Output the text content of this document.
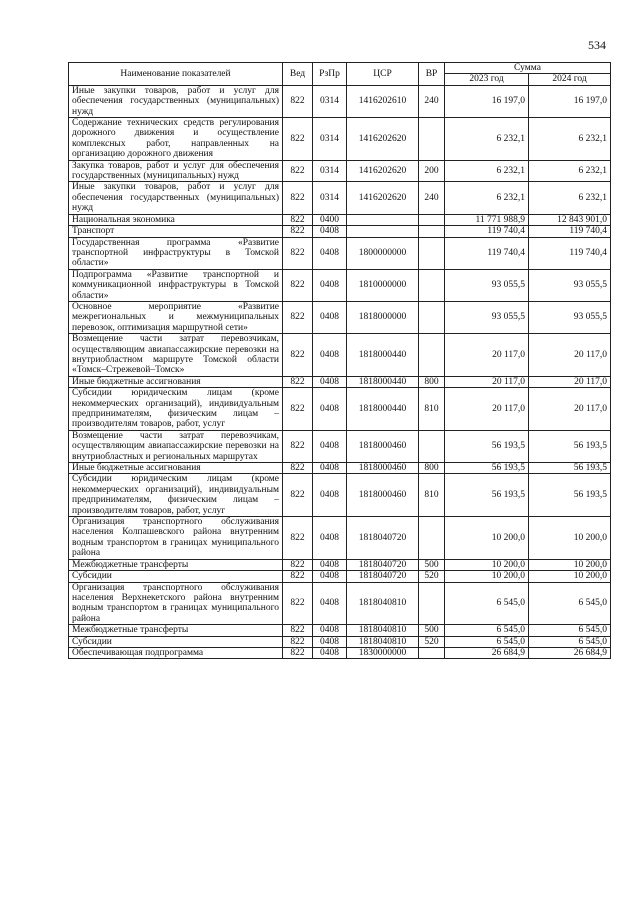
534
Наименование показателей	Вед	РзПр	ЦСР	ВР	Сумма	
					2023 год	2024 год
Иные закупки товаров, работ и услуг для обеспечения государственных (муниципальных) нужд	822	0314	1416202610	240	16 197,0	16 197,0
Содержание технических средств регулирования дорожного движения и осуществление комплексных работ, направленных на организацию дорожного движения	822	0314	1416202620		6 232,1	6 232,1
Закупка товаров, работ и услуг для обеспечения государственных (муниципальных) нужд	822	0314	1416202620	200	6 232,1	6 232,1
Иные закупки товаров, работ и услуг для обеспечения государственных (муниципальных) нужд	822	0314	1416202620	240	6 232,1	6 232,1
Национальная экономика	822	0400			11 771 988,9	12 843 901,0
Транспорт	822	0408			119 740,4	119 740,4
Государственная программа «Развитие транспортной инфраструктуры в Томской области»	822	0408	1800000000		119 740,4	119 740,4
Подпрограмма «Развитие транспортной и коммуникационной инфраструктуры в Томской области»	822	0408	1810000000		93 055,5	93 055,5
Основное мероприятие «Развитие межрегиональных и межмуниципальных перевозок, оптимизация маршрутной сети»	822	0408	1818000000		93 055,5	93 055,5
Возмещение части затрат перевозчикам, осуществляющим авиапассажирские перевозки на внутриобластном маршруте Томской области «Томск–Стрежевой–Томск»	822	0408	1818000440		20 117,0	20 117,0
Иные бюджетные ассигнования	822	0408	1818000440	800	20 117,0	20 117,0
Субсидии юридическим лицам (кроме некоммерческих организаций), индивидуальным предпринимателям, физическим лицам – производителям товаров, работ, услуг	822	0408	1818000440	810	20 117,0	20 117,0
Возмещение части затрат перевозчикам, осуществляющим авиапассажирские перевозки на внутриобластных и региональных маршрутах	822	0408	1818000460		56 193,5	56 193,5
Иные бюджетные ассигнования	822	0408	1818000460	800	56 193,5	56 193,5
Субсидии юридическим лицам (кроме некоммерческих организаций), индивидуальным предпринимателям, физическим лицам – производителям товаров, работ, услуг	822	0408	1818000460	810	56 193,5	56 193,5
Организация транспортного обслуживания населения Колпашевского района внутренним водным транспортом в границах муниципального района	822	0408	1818040720		10 200,0	10 200,0
Межбюджетные трансферты	822	0408	1818040720	500	10 200,0	10 200,0
Субсидии	822	0408	1818040720	520	10 200,0	10 200,0
Организация транспортного обслуживания населения Верхнекетского района внутренним водным транспортом в границах муниципального района	822	0408	1818040810		6 545,0	6 545,0
Межбюджетные трансферты	822	0408	1818040810	500	6 545,0	6 545,0
Субсидии	822	0408	1818040810	520	6 545,0	6 545,0
Обеспечивающая подпрограмма	822	0408	1830000000		26 684,9	26 684,9
